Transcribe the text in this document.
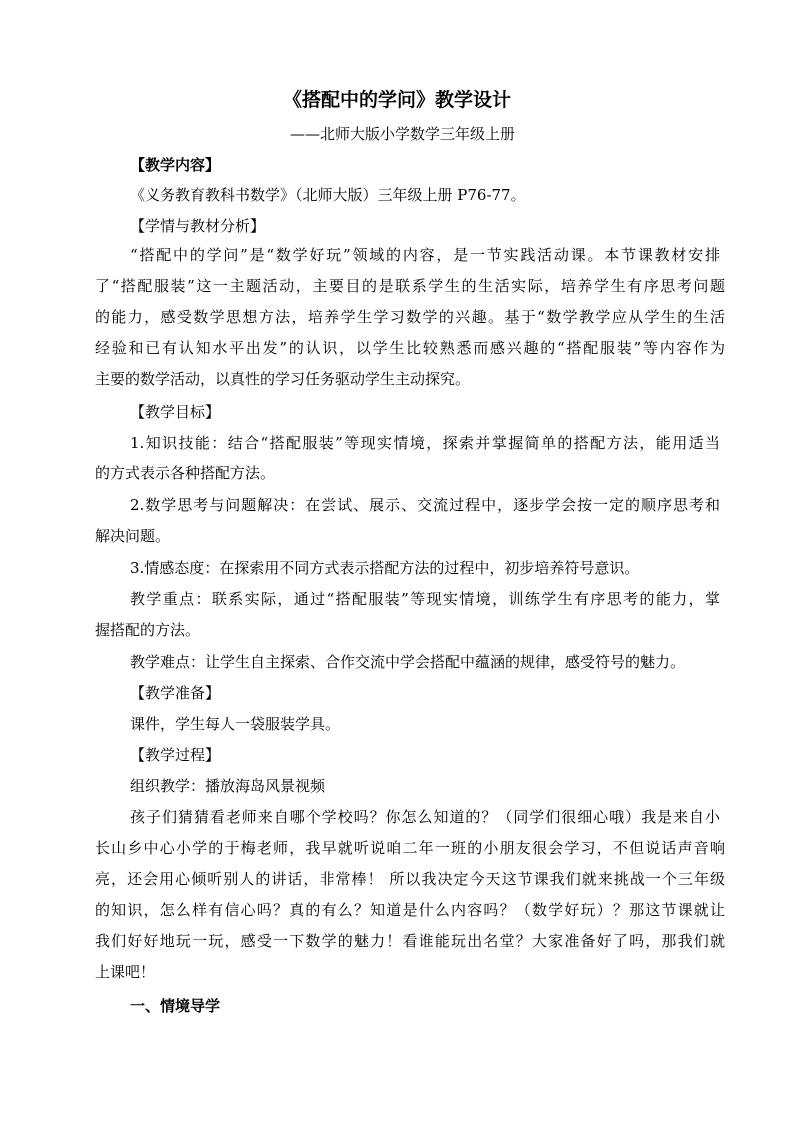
《搭配中的学问》教学设计
——北师大版小学数学三年级上册
【教学内容】
《义务教育教科书数学》（北师大版）三年级上册 P76-77。
【学情与教材分析】
“搭配中的学问”是“数学好玩”领域的内容，是一节实践活动课。本节课教材安排
了“搭配服装”这一主题活动，主要目的是联系学生的生活实际，培养学生有序思考问题
的能力，感受数学思想方法，培养学生学习数学的兴趣。基于“数学教学应从学生的生活
经验和已有认知水平出发”的认识，以学生比较熟悉而感兴趣的“搭配服装”等内容作为
主要的数学活动，以真性的学习任务驱动学生主动探究。
【教学目标】
1.知识技能：结合“搭配服装”等现实情境，探索并掌握简单的搭配方法，能用适当
的方式表示各种搭配方法。
2.数学思考与问题解决：在尝试、展示、交流过程中，逐步学会按一定的顺序思考和
解决问题。
3.情感态度：在探索用不同方式表示搭配方法的过程中，初步培养符号意识。
教学重点：联系实际，通过“搭配服装”等现实情境，训练学生有序思考的能力，掌
握搭配的方法。
教学难点：让学生自主探索、合作交流中学会搭配中蕴涵的规律，感受符号的魅力。
【教学准备】
课件，学生每人一袋服装学具。
【教学过程】
组织教学：播放海岛风景视频
孩子们猜猜看老师来自哪个学校吗？你怎么知道的？（同学们很细心哦）我是来自小
长山乡中心小学的于梅老师，我早就听说咱二年一班的小朋友很会学习，不但说话声音响
亮，还会用心倾听别人的讲话，非常棒！ 所以我决定今天这节课我们就来挑战一个三年级
的知识，怎么样有信心吗？真的有么？知道是什么内容吗？（数学好玩）？那这节课就让
我们好好地玩一玩，感受一下数学的魅力！看谁能玩出名堂？大家准备好了吗，那我们就
上课吧！
一、情境导学
